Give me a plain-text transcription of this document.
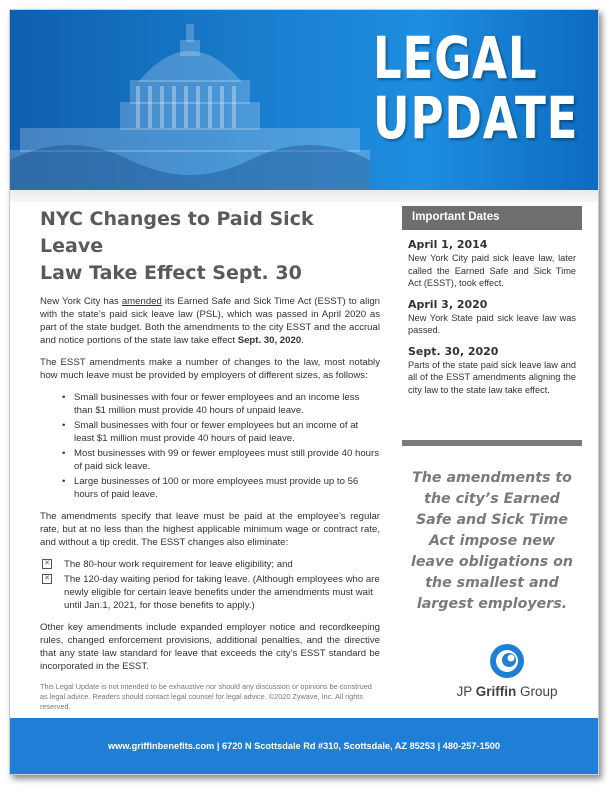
LEGAL
UPDATE
NYC Changes to Paid Sick Leave
Law Take Effect Sept. 30

New York City has amended its Earned Safe and Sick Time Act (ESST) to align with the state’s paid sick leave law (PSL), which was passed in April 2020 as part of the state budget. Both the amendments to the city ESST and the accrual and notice portions of the state law take effect Sept. 30, 2020.

The ESST amendments make a number of changes to the law, most notably how much leave must be provided by employers of different sizes, as follows:

• Small businesses with four or fewer employees and an income less than $1 million must provide 40 hours of unpaid leave.
• Small businesses with four or fewer employees but an income of at least $1 million must provide 40 hours of paid leave.
• Most businesses with 99 or fewer employees must still provide 40 hours of paid sick leave.
• Large businesses of 100 or more employees must provide up to 56 hours of paid leave.

The amendments specify that leave must be paid at the employee’s regular rate, but at no less than the highest applicable minimum wage or contract rate, and without a tip credit. The ESST changes also eliminate:

✕ The 80-hour work requirement for leave eligibility; and
✕ The 120-day waiting period for taking leave. (Although employees who are newly eligible for certain leave benefits under the amendments must wait until Jan.1, 2021, for those benefits to apply.)

Other key amendments include expanded employer notice and recordkeeping rules, changed enforcement provisions, additional penalties, and the directive that any state law standard for leave that exceeds the city’s ESST standard be incorporated in the ESST.

This Legal Update is not intended to be exhaustive nor should any discussion or opinions be construed as legal advice. Readers should contact legal counsel for legal advice. ©2020 Zywave, Inc. All rights reserved.
Important Dates
April 1, 2014

New York City paid sick leave law, later called the Earned Safe and Sick Time Act (ESST), took effect.

April 3, 2020

New York State paid sick leave law was passed.

Sept. 30, 2020

Parts of the state paid sick leave law and all of the ESST amendments aligning the city law to the state law take effect.

The amendments to the city’s Earned Safe and Sick Time Act impose new leave obligations on the smallest and largest employers.
JP Griffin Group
www.griffinbenefits.com | 6720 N Scottsdale Rd #310, Scottsdale, AZ 85253 | 480-257-1500
